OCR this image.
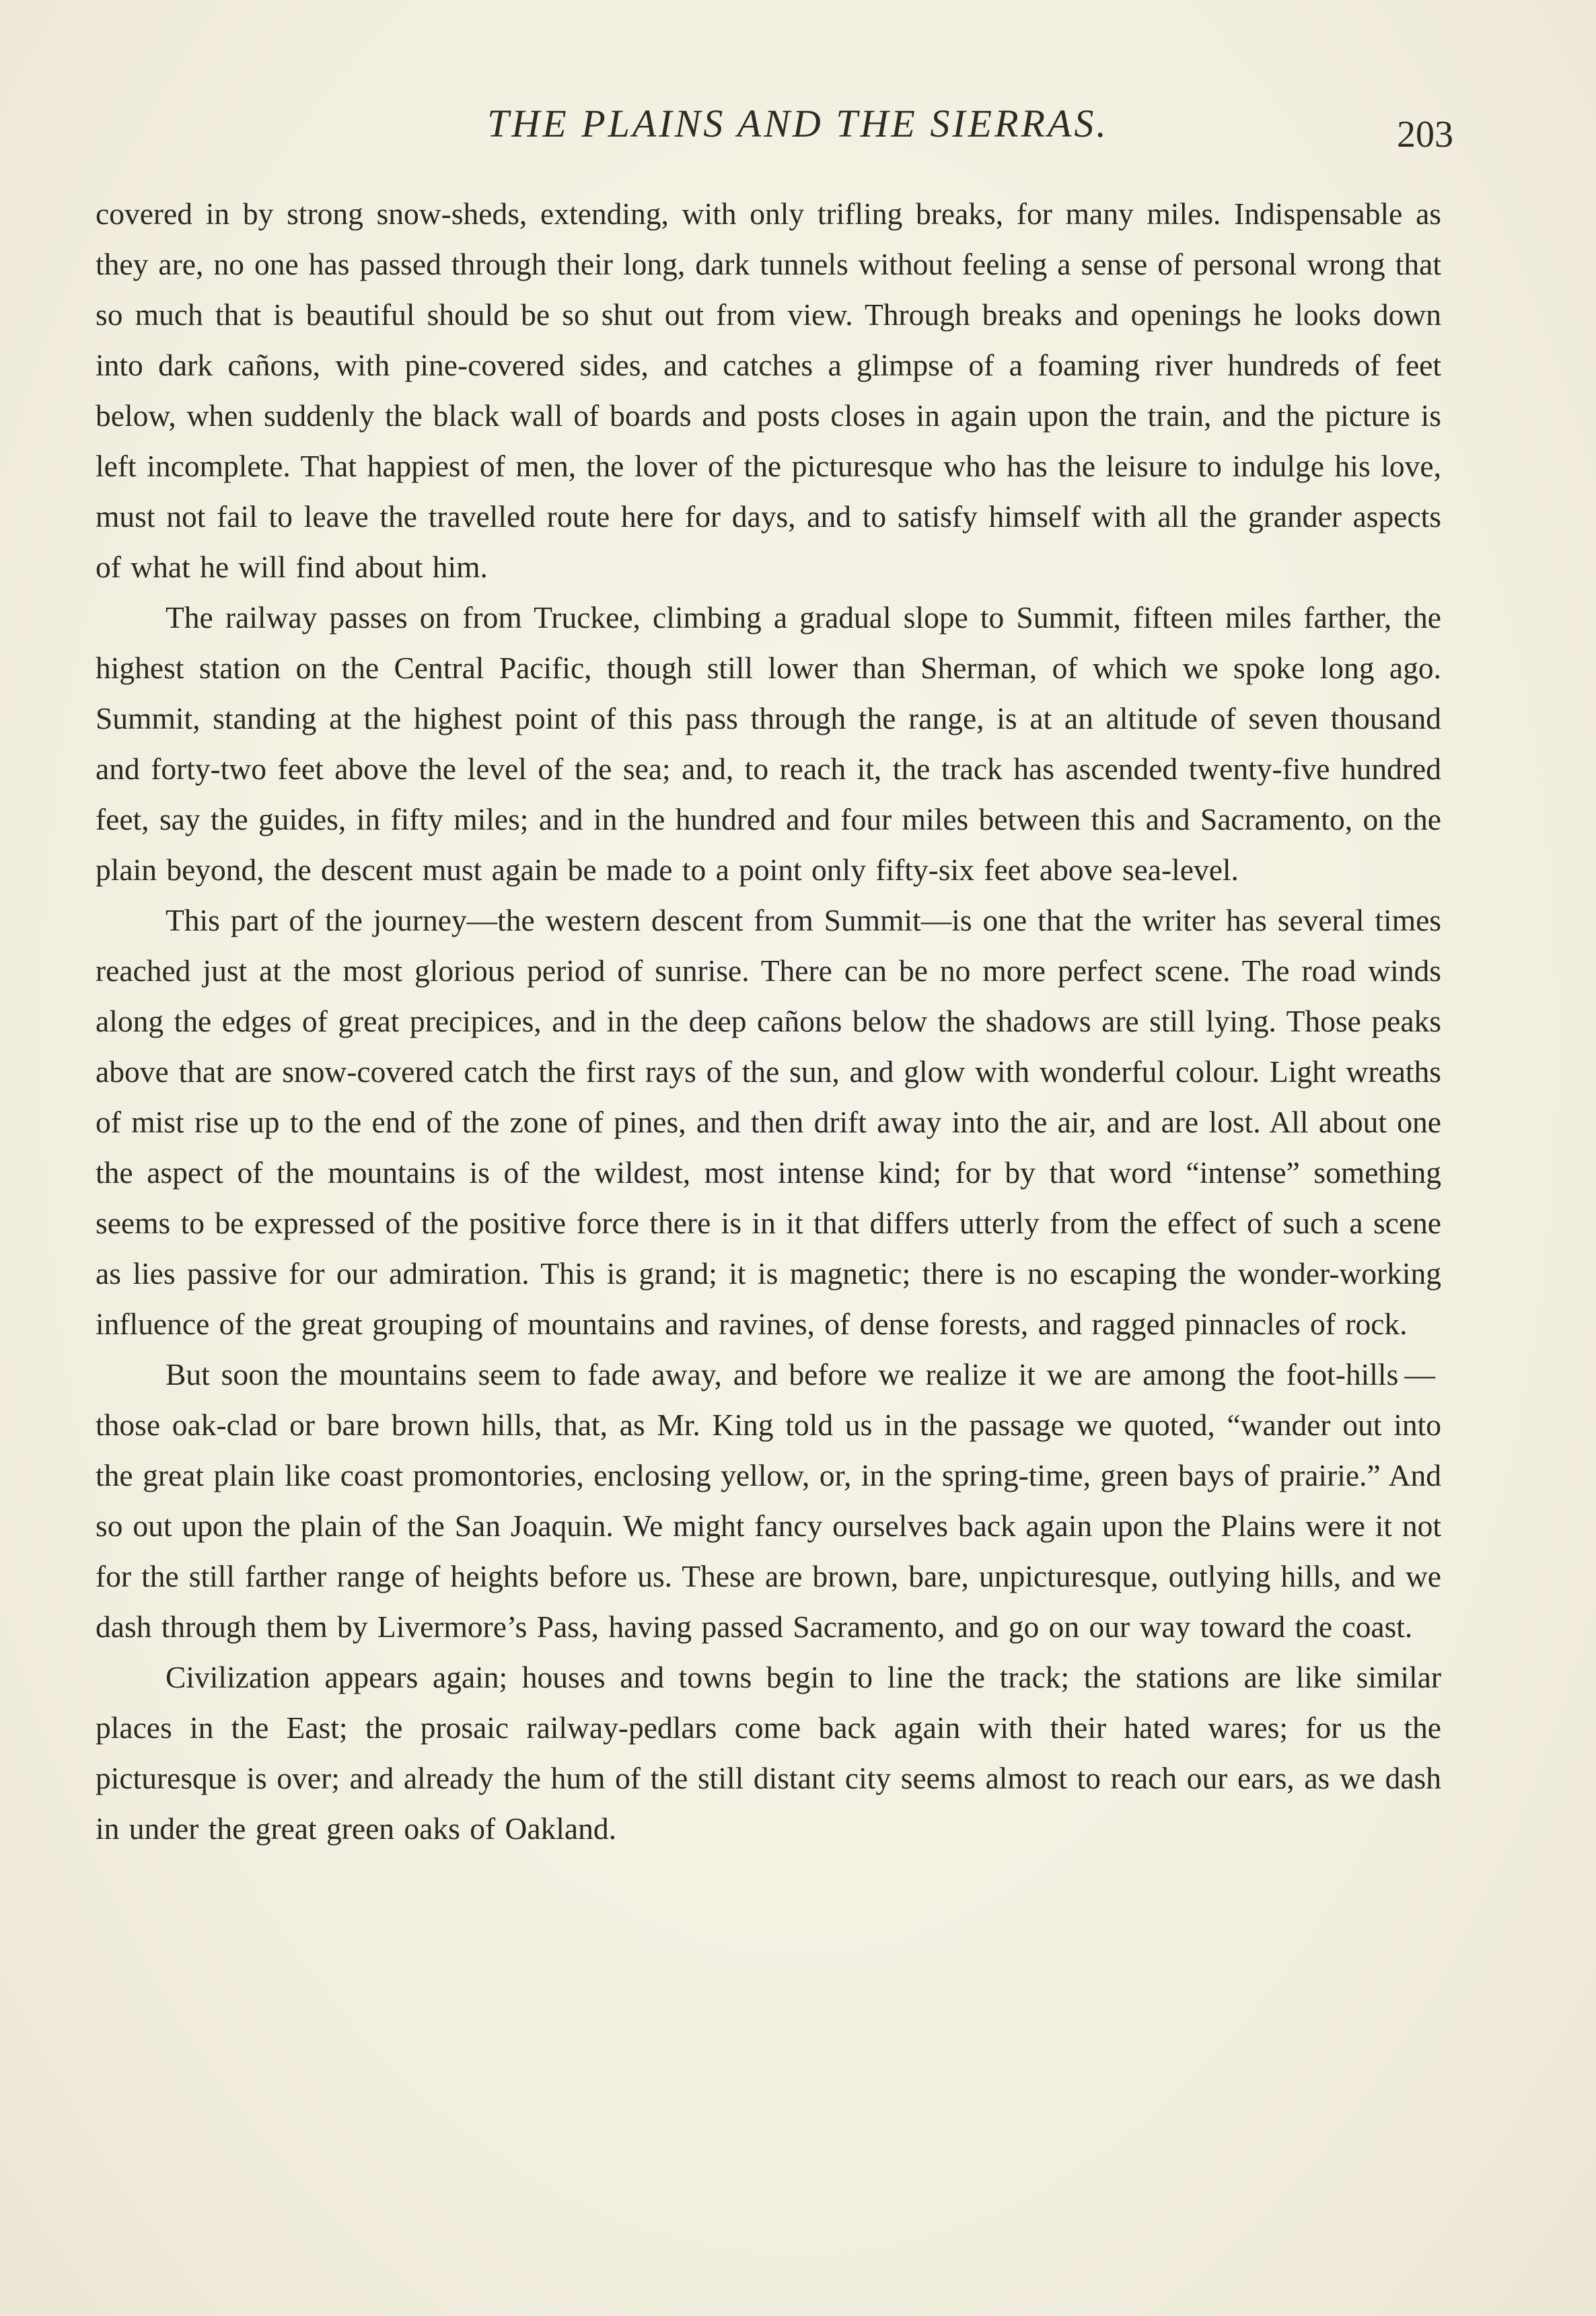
THE PLAINS AND THE SIERRAS.	203

covered in by strong snow-sheds, extending, with only trifling breaks, for many miles. Indispensable as they are, no one has passed through their long, dark tunnels without feeling a sense of personal wrong that so much that is beautiful should be so shut out from view. Through breaks and openings he looks down into dark cañons, with pine-covered sides, and catches a glimpse of a foaming river hundreds of feet below, when suddenly the black wall of boards and posts closes in again upon the train, and the picture is left incomplete. That happiest of men, the lover of the picturesque who has the leisure to indulge his love, must not fail to leave the travelled route here for days, and to satisfy himself with all the grander aspects of what he will find about him.

The railway passes on from Truckee, climbing a gradual slope to Summit, fifteen miles farther, the highest station on the Central Pacific, though still lower than Sherman, of which we spoke long ago. Summit, standing at the highest point of this pass through the range, is at an altitude of seven thousand and forty-two feet above the level of the sea; and, to reach it, the track has ascended twenty-five hundred feet, say the guides, in fifty miles; and in the hundred and four miles between this and Sacramento, on the plain beyond, the descent must again be made to a point only fifty-six feet above sea-level.

This part of the journey—the western descent from Summit—is one that the writer has several times reached just at the most glorious period of sunrise. There can be no more perfect scene. The road winds along the edges of great precipices, and in the deep cañons below the shadows are still lying. Those peaks above that are snow-covered catch the first rays of the sun, and glow with wonderful colour. Light wreaths of mist rise up to the end of the zone of pines, and then drift away into the air, and are lost. All about one the aspect of the mountains is of the wildest, most intense kind; for by that word “intense” something seems to be expressed of the positive force there is in it that differs utterly from the effect of such a scene as lies passive for our admiration. This is grand; it is magnetic; there is no escaping the wonder-working influence of the great grouping of mountains and ravines, of dense forests, and ragged pinnacles of rock.

But soon the mountains seem to fade away, and before we realize it we are among the foot-hills — those oak-clad or bare brown hills, that, as Mr. King told us in the passage we quoted, “wander out into the great plain like coast promontories, enclosing yellow, or, in the spring-time, green bays of prairie.” And so out upon the plain of the San Joaquin. We might fancy ourselves back again upon the Plains were it not for the still farther range of heights before us. These are brown, bare, unpicturesque, outlying hills, and we dash through them by Livermore’s Pass, having passed Sacramento, and go on our way toward the coast.

Civilization appears again; houses and towns begin to line the track; the stations are like similar places in the East; the prosaic railway-pedlars come back again with their hated wares; for us the picturesque is over; and already the hum of the still distant city seems almost to reach our ears, as we dash in under the great green oaks of Oakland.
